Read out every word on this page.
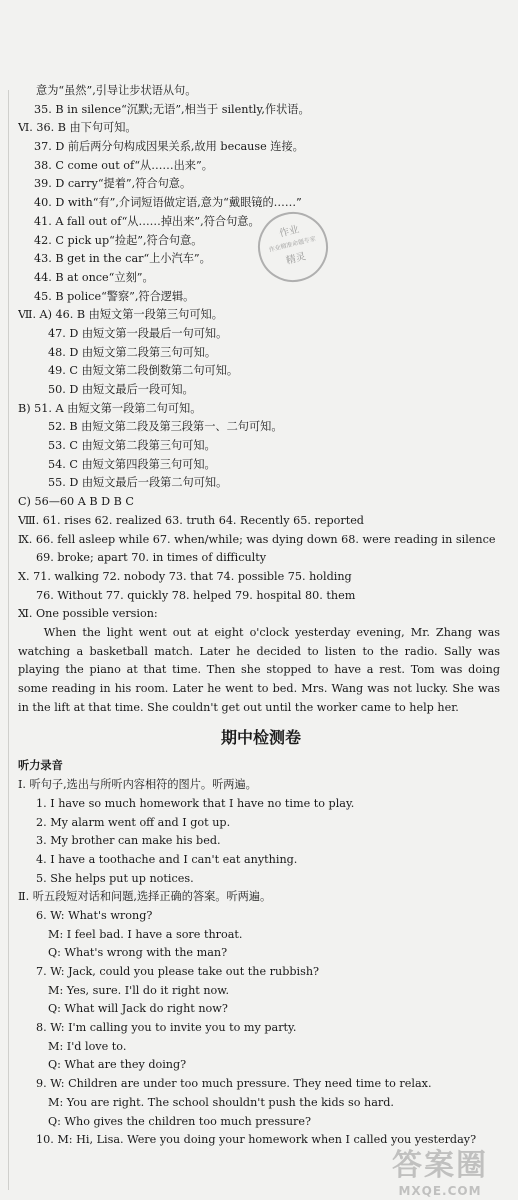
意为“虽然”,引导让步状语从句。
35. B in silence“沉默;无语”,相当于 silently,作状语。
Ⅵ. 36. B 由下句可知。
37. D 前后两分句构成因果关系,故用 because 连接。
38. C come out of“从……出来”。
39. D carry“提着”,符合句意。
40. D with“有”,介词短语做定语,意为“戴眼镜的……”
41. A fall out of“从……掉出来”,符合句意。
42. C pick up“捡起”,符合句意。
43. B get in the car“上小汽车”。
44. B at once“立刻”。
45. B police“警察”,符合逻辑。
Ⅶ. A) 46. B 由短文第一段第三句可知。
47. D 由短文第一段最后一句可知。
48. D 由短文第二段第三句可知。
49. C 由短文第二段倒数第二句可知。
50. D 由短文最后一段可知。
B) 51. A 由短文第一段第二句可知。
52. B 由短文第二段及第三段第一、二句可知。
53. C 由短文第二段第三句可知。
54. C 由短文第四段第三句可知。
55. D 由短文最后一段第二句可知。
C) 56—60 A B D B C
Ⅷ. 61. rises 62. realized 63. truth 64. Recently 65. reported
Ⅸ. 66. fell asleep while 67. when/while; was dying down 68. were reading in silence
69. broke; apart 70. in times of difficulty
Ⅹ. 71. walking 72. nobody 73. that 74. possible 75. holding
76. Without 77. quickly 78. helped 79. hospital 80. them
Ⅺ. One possible version:
When the light went out at eight o'clock yesterday evening, Mr. Zhang was watching a basketball match. Later he decided to listen to the radio. Sally was playing the piano at that time. Then she stopped to have a rest. Tom was doing some reading in his room. Later he went to bed. Mrs. Wang was not lucky. She was in the lift at that time. She couldn't get out until the worker came to help her.
期中检测卷
听力录音
Ⅰ. 听句子,选出与所听内容相符的图片。听两遍。
1. I have so much homework that I have no time to play.
2. My alarm went off and I got up.
3. My brother can make his bed.
4. I have a toothache and I can't eat anything.
5. She helps put up notices.
Ⅱ. 听五段短对话和问题,选择正确的答案。听两遍。
6. W: What's wrong?
M: I feel bad. I have a sore throat.
Q: What's wrong with the man?
7. W: Jack, could you please take out the rubbish?
M: Yes, sure. I'll do it right now.
Q: What will Jack do right now?
8. W: I'm calling you to invite you to my party.
M: I'd love to.
Q: What are they doing?
9. W: Children are under too much pressure. They need time to relax.
M: You are right. The school shouldn't push the kids so hard.
Q: Who gives the children too much pressure?
10. M: Hi, Lisa. Were you doing your homework when I called you yesterday?
作业
作业精准命题专家
精灵
答案圈
MXQE.COM
